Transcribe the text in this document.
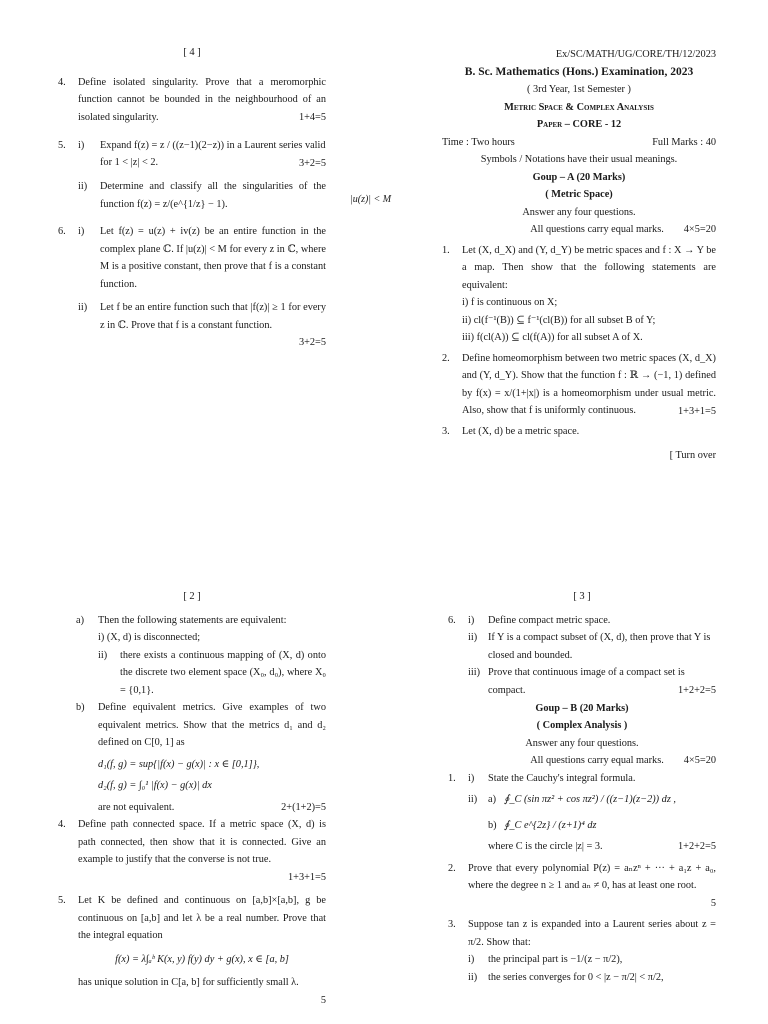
[ 4 ]
4.	Define isolated singularity. Prove that a meromorphic function cannot be bounded in the neighbourhood of an isolated singularity.	1+4=5
5.	i)	Expand f(z) = z / ((z−1)(2−z)) in a Laurent series valid for 1 < |z| < 2.	3+2=5
ii)	Determine and classify all the singularities of the function f(z) = z/(e^{1/z} − 1).
6.	i)	Let f(z) = u(z) + iv(z) be an entire function in the complex plane ℂ. If |u(z)| < M for every z in ℂ, where M is a positive constant, then prove that f is a constant function.
ii)	Let f be an entire function such that |f(z)| ≥ 1 for every z in ℂ. Prove that f is a constant function.
3+2=5
|u(z)| < M
Ex/SC/MATH/UG/CORE/TH/12/2023
B. Sc. Mathematics (Hons.) Examination, 2023
( 3rd Year, 1st Semester )
Metric Space & Complex Analysis
Paper – CORE - 12
Time : Two hours	Full Marks : 40
Symbols / Notations have their usual meanings.
Goup – A (20 Marks)
( Metric Space)
Answer any four questions.
All questions carry equal marks. 4×5=20
1.	Let (X, d_X) and (Y, d_Y) be metric spaces and f : X → Y be a map. Then show that the following statements are equivalent:
i) f is continuous on X;
ii) cl(f⁻¹(B)) ⊆ f⁻¹(cl(B)) for all subset B of Y;
iii) f(cl(A)) ⊆ cl(f(A)) for all subset A of X.
2.	Define homeomorphism between two metric spaces (X, d_X) and (Y, d_Y). Show that the function f : ℝ → (−1, 1) defined by f(x) = x/(1+|x|) is a homeomorphism under usual metric. Also, show that f is uniformly continuous.	1+3+1=5
3.	Let (X, d) be a metric space.
[ Turn over
[ 2 ]
a)	Then the following statements are equivalent:
i) (X, d) is disconnected;
ii)	there exists a continuous mapping of (X, d) onto the discrete two element space (X₀, d₀), where X₀ = {0,1}.
b)	Define equivalent metrics. Give examples of two equivalent metrics. Show that the metrics d₁ and d₂ defined on C[0, 1] as
d₁(f, g) = sup{|f(x) − g(x)| : x ∈ [0,1]},
d₂(f, g) = ∫₀¹ |f(x) − g(x)| dx
are not equivalent.	2+(1+2)=5
4.	Define path connected space. If a metric space (X, d) is path connected, then show that it is connected. Give an example to justify that the converse is not true.
1+3+1=5
5.	Let K be defined and continuous on [a,b]×[a,b], g be continuous on [a,b] and let λ be a real number. Prove that the integral equation
f(x) = λ∫ₐᵇ K(x, y) f(y) dy + g(x), x ∈ [a, b]
has unique solution in C[a, b] for sufficiently small λ.
5
[ 3 ]
6.	i)	Define compact metric space.
ii)	If Y is a compact subset of (X, d), then prove that Y is closed and bounded.
iii) Prove that continuous image of a compact set is compact.	1+2+2=5
Goup – B (20 Marks)
( Complex Analysis )
Answer any four questions.
All questions carry equal marks. 4×5=20
1.	i)	State the Cauchy's integral formula.
ii)	a) ∮_C (sin πz² + cos πz²) / ((z−1)(z−2)) dz ,
b) ∮_C e^{2z} / (z+1)⁴ dz
where C is the circle |z| = 3.	1+2+2=5
2.	Prove that every polynomial P(z) = aₙzⁿ + ··· + a₁z + a₀, where the degree n ≥ 1 and aₙ ≠ 0, has at least one root.
5
3.	Suppose tan z is expanded into a Laurent series about z = π/2. Show that:
i)	the principal part is −1/(z − π/2),
ii)	the series converges for 0 < |z − π/2| < π/2,
